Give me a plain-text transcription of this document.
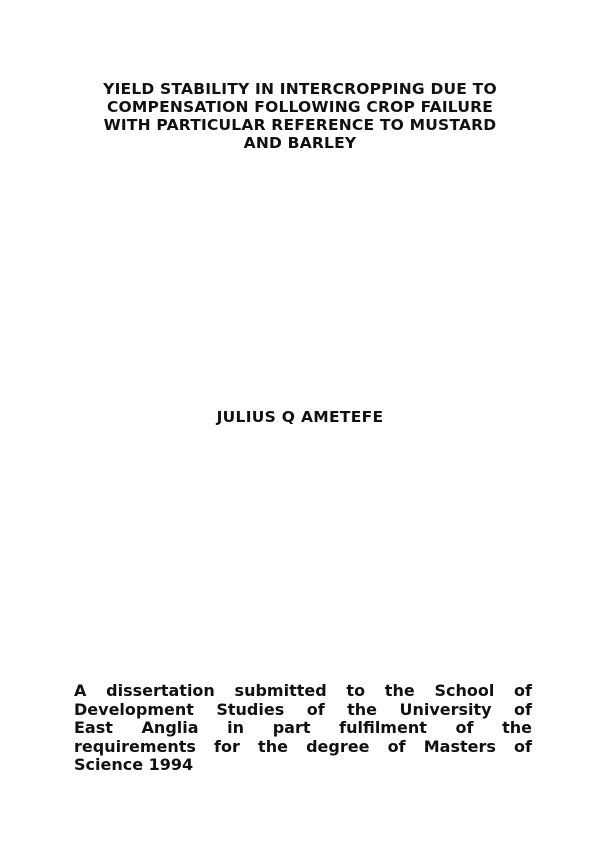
YIELD STABILITY IN INTERCROPPING DUE TO
COMPENSATION FOLLOWING CROP FAILURE
WITH PARTICULAR REFERENCE TO MUSTARD
AND BARLEY
JULIUS Q AMETEFE
A dissertation submitted to the School of
Development Studies of the University of
East Anglia in part fulfilment of the
requirements for the degree of Masters of
Science 1994
